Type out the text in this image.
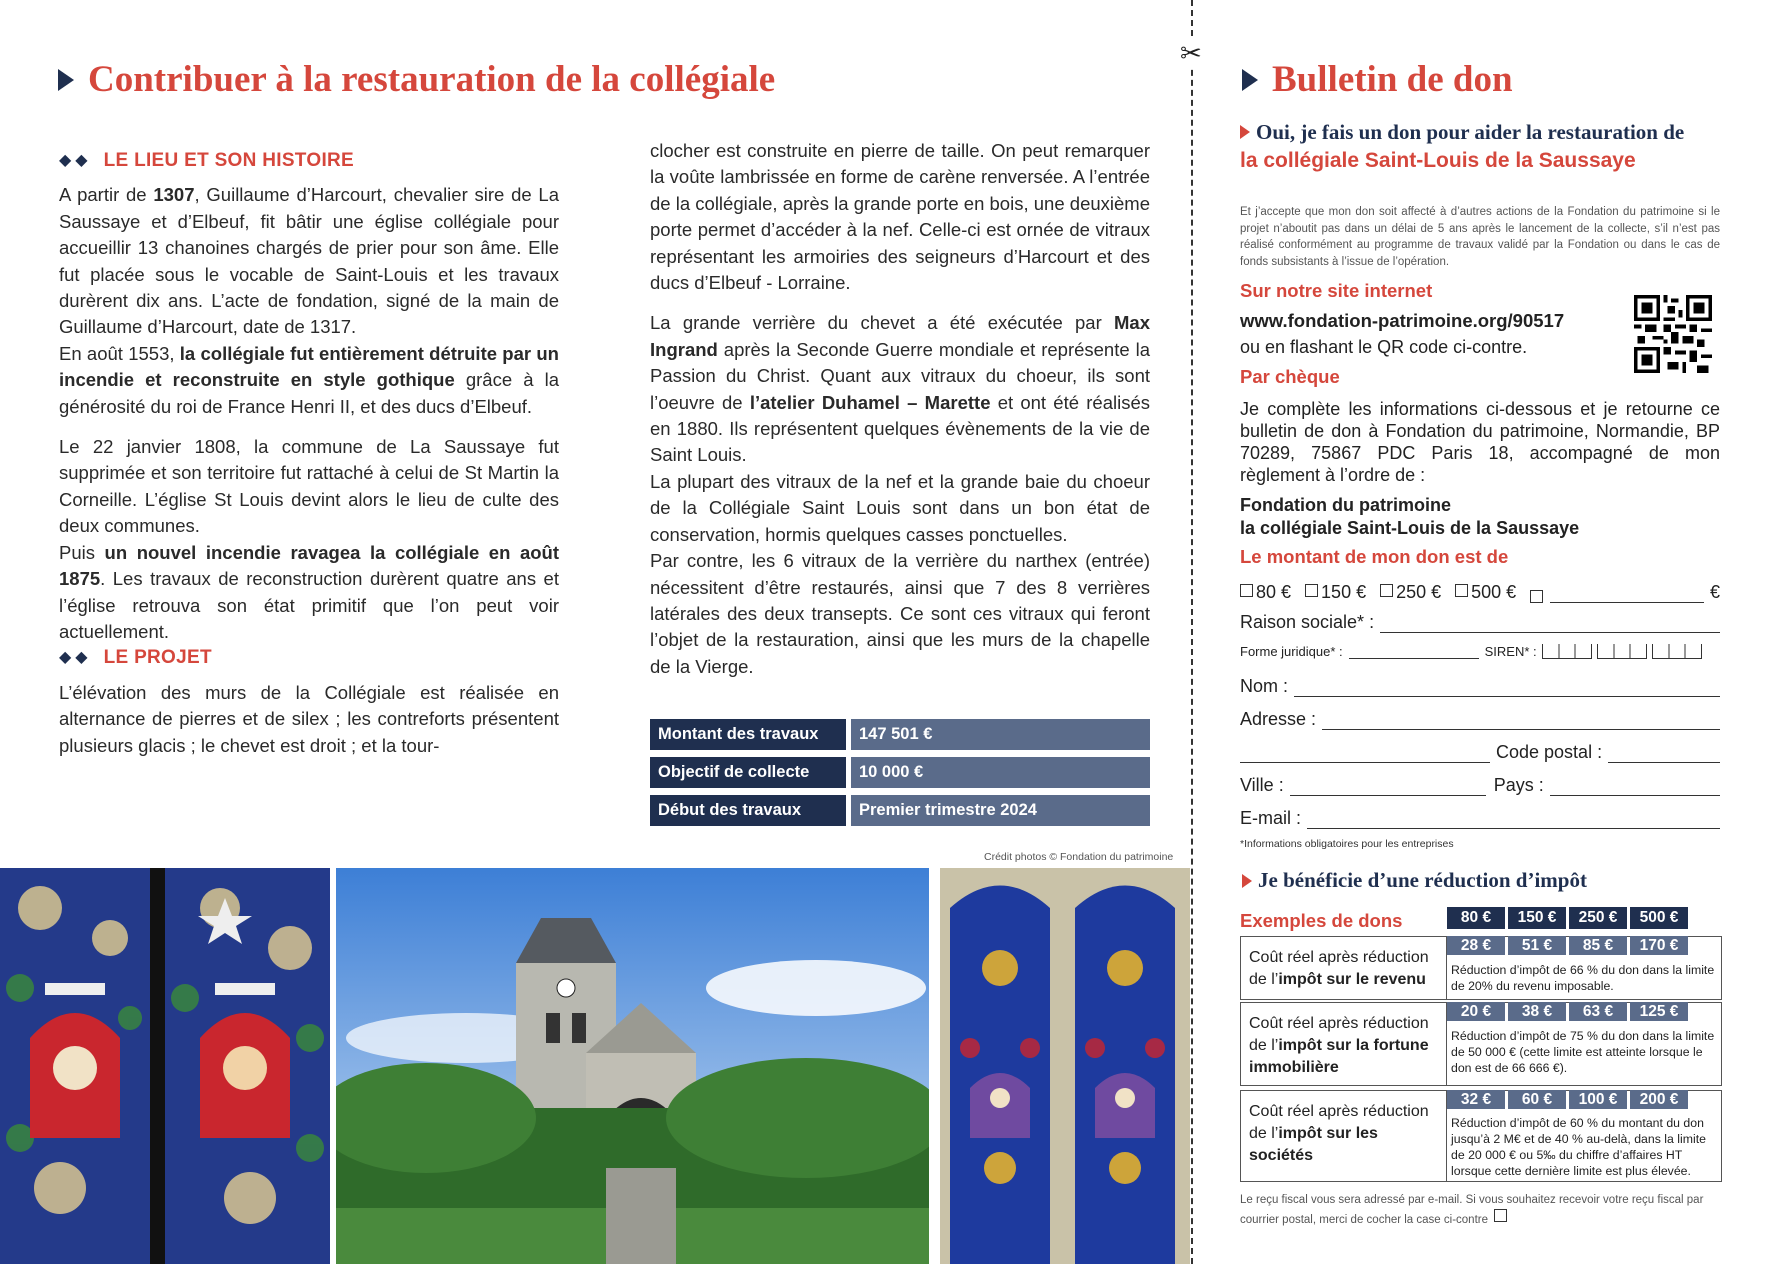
Contribuer à la restauration de la collégiale
◆◆ LE LIEU ET SON HISTOIRE

A partir de 1307, Guillaume d’Harcourt, chevalier sire de La Saussaye et d’Elbeuf, fit bâtir une église collégiale pour accueillir 13 chanoines chargés de prier pour son âme. Elle fut placée sous le vocable de Saint-Louis et les travaux durèrent dix ans. L’acte de fondation, signé de la main de Guillaume d’Harcourt, date de 1317.

En août 1553, la collégiale fut entièrement détruite par un incendie et reconstruite en style gothique grâce à la générosité du roi de France Henri II, et des ducs d’Elbeuf.

Le 22 janvier 1808, la commune de La Saussaye fut supprimée et son territoire fut rattaché à celui de St Martin la Corneille. L’église St Louis devint alors le lieu de culte des deux communes.

Puis un nouvel incendie ravagea la collégiale en août 1875. Les travaux de reconstruction durèrent quatre ans et l’église retrouva son état primitif que l’on peut voir actuellement.

◆◆ LE PROJET

L’élévation des murs de la Collégiale est réalisée en alternance de pierres et de silex ; les contreforts présentent plusieurs glacis ; le chevet est droit ; et la tour-

clocher est construite en pierre de taille. On peut remarquer la voûte lambrissée en forme de carène renversée. A l’entrée de la collégiale, après la grande porte en bois, une deuxième porte permet d’accéder à la nef. Celle-ci est ornée de vitraux représentant les armoiries des seigneurs d’Harcourt et des ducs d’Elbeuf - Lorraine.

La grande verrière du chevet a été exécutée par Max Ingrand après la Seconde Guerre mondiale et représente la Passion du Christ. Quant aux vitraux du choeur, ils sont l’oeuvre de l’atelier Duhamel – Marette et ont été réalisés en 1880. Ils représentent quelques évènements de la vie de Saint Louis.

La plupart des vitraux de la nef et la grande baie du choeur de la Collégiale Saint Louis sont dans un bon état de conservation, hormis quelques casses ponctuelles.

Par contre, les 6 vitraux de la verrière du narthex (entrée) nécessitent d’être restaurés, ainsi que 7 des 8 verrières latérales des deux transepts. Ce sont ces vitraux qui feront l’objet de la restauration, ainsi que les murs de la chapelle de la Vierge.

Montant des travaux	147 501 €
Objectif de collecte	10 000 €
Début des travaux	Premier trimestre 2024
Crédit photos © Fondation du patrimoine
✂
Bulletin de don
Oui, je fais un don pour aider la restauration de
la collégiale Saint-Louis de la Saussaye
Et j’accepte que mon don soit affecté à d’autres actions de la Fondation du patrimoine si le projet n’aboutit pas dans un délai de 5 ans après le lancement de la collecte, s’il n’est pas réalisé conformément au programme de travaux validé par la Fondation ou dans le cas de fonds subsistants à l’issue de l’opération.
Sur notre site internet
www.fondation-patrimoine.org/90517
ou en flashant le QR code ci-contre.
Par chèque
Je complète les informations ci-dessous et je retourne ce bulletin de don à Fondation du patrimoine, Normandie, BP 70289, 75867 PDC Paris 18, accompagné de mon règlement à l’ordre de :
Fondation du patrimoine
la collégiale Saint-Louis de la Saussaye
Le montant de mon don est de
80 €	150 €	250 €	500 €	€
Raison sociale* :
Forme juridique* :	SIREN* :
Nom :
Adresse :
Code postal :
Ville :	Pays :
E-mail :
*Informations obligatoires pour les entreprises
Je bénéficie d’une réduction d’impôt
Exemples de dons	80 €	150 €	250 €	500 €
Coût réel après réduction de l’impôt sur le revenu
Réduction d’impôt de 66 % du don dans la limite de 20% du revenu imposable.
28 €	51 €	85 €	170 €
Coût réel après réduction de l’impôt sur la fortune immobilière
Réduction d’impôt de 75 % du don dans la limite de 50 000 € (cette limite est atteinte lorsque le don est de 66 666 €).
20 €	38 €	63 €	125 €
Coût réel après réduction de l’impôt sur les sociétés
Réduction d’impôt de 60 % du montant du don jusqu’à 2 M€ et de 40 % au-delà, dans la limite de 20 000 € ou 5‰ du chiffre d’affaires HT lorsque cette dernière limite est plus élevée.
32 €	60 €	100 €	200 €
Le reçu fiscal vous sera adressé par e-mail. Si vous souhaitez recevoir votre reçu fiscal par courrier postal, merci de cocher la case ci-contre
